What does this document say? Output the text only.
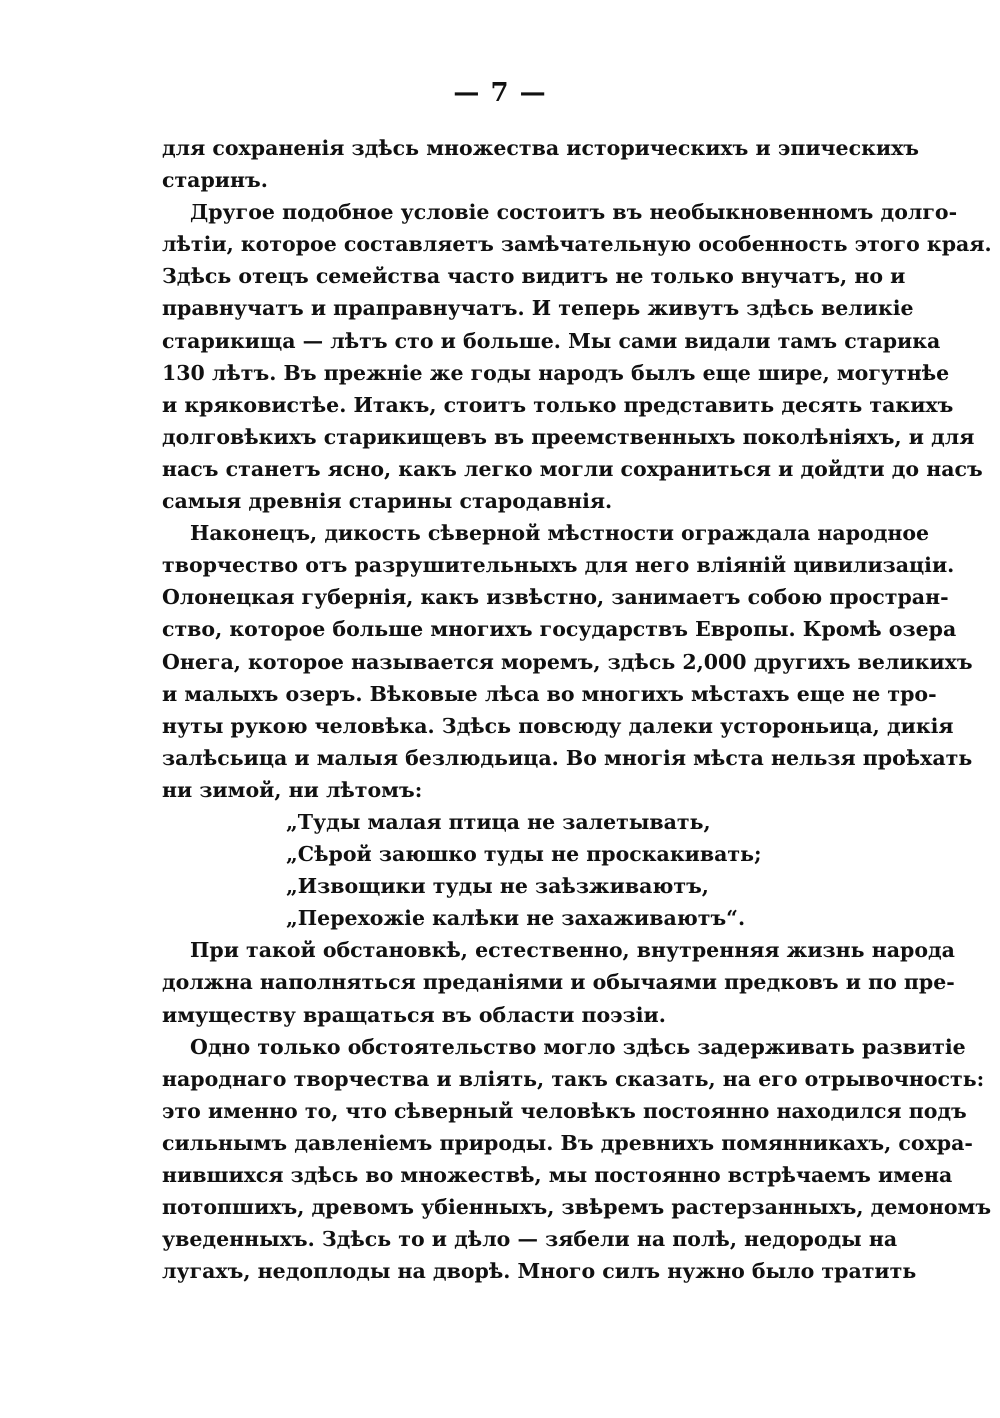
— 7 —
для сохраненія здѣсь множества историческихъ и эпическихъ
старинъ.
Другое подобное условіе состоитъ въ необыкновенномъ долго-
лѣтіи, которое составляетъ замѣчательную особенность этого края.
Здѣсь отецъ семейства часто видитъ не только внучатъ, но и
правнучатъ и праправнучатъ. И теперь живутъ здѣсь великіе
старикища — лѣтъ сто и больше. Мы сами видали тамъ старика
130 лѣтъ. Въ прежніе же годы народъ былъ еще шире, могутнѣе
и кряковистѣе. Итакъ, стоитъ только представить десять такихъ
долговѣкихъ старикищевъ въ преемственныхъ поколѣніяхъ, и для
насъ станетъ ясно, какъ легко могли сохраниться и дойдти до насъ
самыя древнія старины стародавнія.
Наконецъ, дикость сѣверной мѣстности ограждала народное
творчество отъ разрушительныхъ для него вліяній цивилизаціи.
Олонецкая губернія, какъ извѣстно, занимаетъ собою простран-
ство, которое больше многихъ государствъ Европы. Кромѣ озера
Онега, которое называется моремъ, здѣсь 2,000 другихъ великихъ
и малыхъ озеръ. Вѣковые лѣса во многихъ мѣстахъ еще не тро-
нуты рукою человѣка. Здѣсь повсюду далеки устороньица, дикія
залѣсьица и малыя безлюдьица. Во многія мѣста нельзя проѣхать
ни зимой, ни лѣтомъ:
„Туды малая птица не залетывать,
„Сѣрой заюшко туды не проскакивать;
„Извощики туды не заѣзживаютъ,
„Перехожіе калѣки не захаживаютъ“.
При такой обстановкѣ, естественно, внутренняя жизнь народа
должна наполняться преданіями и обычаями предковъ и по пре-
имуществу вращаться въ области поэзіи.
Одно только обстоятельство могло здѣсь задерживать развитіе
народнаго творчества и вліять, такъ сказать, на его отрывочность:
это именно то, что сѣверный человѣкъ постоянно находился подъ
сильнымъ давленіемъ природы. Въ древнихъ помянникахъ, сохра-
нившихся здѣсь во множествѣ, мы постоянно встрѣчаемъ имена
потопшихъ, древомъ убіенныхъ, звѣремъ растерзанныхъ, демономъ
уведенныхъ. Здѣсь то и дѣло — зябели на полѣ, недороды на
лугахъ, недоплоды на дворѣ. Много силъ нужно было тратить
